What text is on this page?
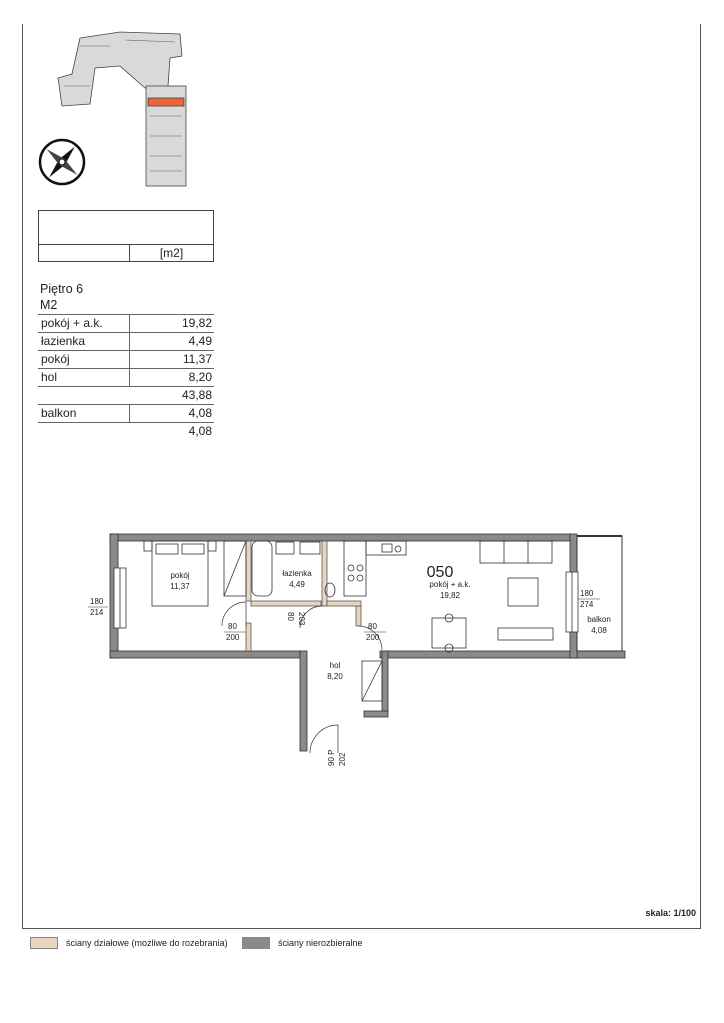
[m2]
Piętro 6
M2
pokój + a.k.	19,82
łazienka	4,49
pokój	11,37
hol	8,20
43,88
balkon	4,08
4,08
pokój
11,37
łazienka
4,49	pokój + a.k.
19,82
hol
8,20
balkon
4,08
180
214
180
274
80
200
80
200
80 203
90 P 202
050
skala: 1/100
ściany działowe (możliwe do rozebrania)	ściany nierozbieralne
